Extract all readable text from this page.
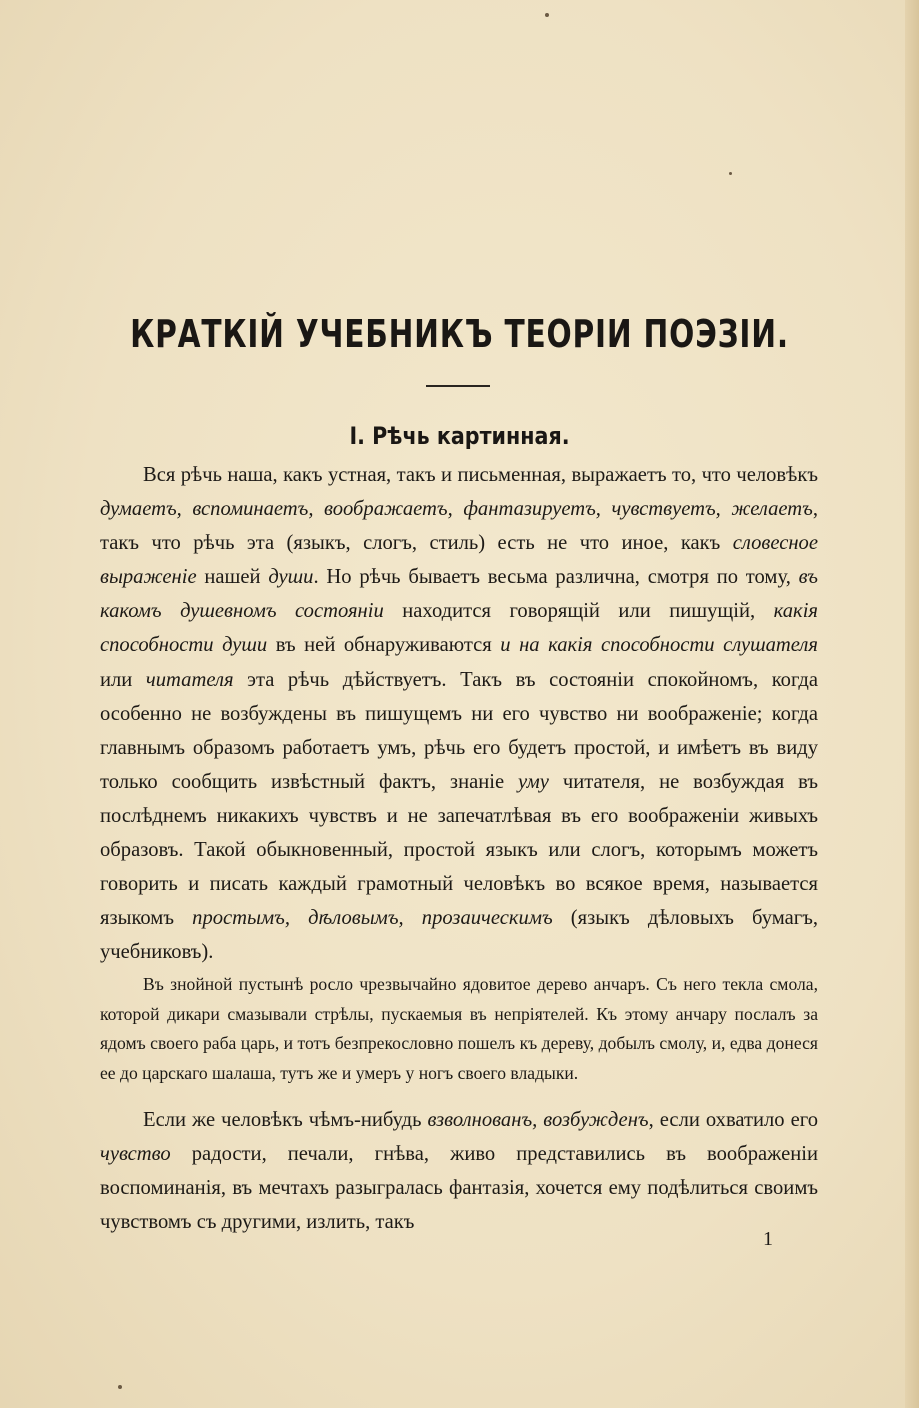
КРАТКІЙ УЧЕБНИКЪ ТЕОРІИ ПОЭЗІИ.
I. Рѣчь картинная.

Вся рѣчь наша, какъ устная, такъ и письменная, выражаетъ то, что человѣкъ думаетъ, вспоминаетъ, воображаетъ, фантазируетъ, чувствуетъ, желаетъ, такъ что рѣчь эта (языкъ, слогъ, стиль) есть не что иное, какъ словесное выраженіе нашей души. Но рѣчь бываетъ весьма различна, смотря по тому, въ какомъ душевномъ состояніи находится говорящій или пишущій, какія способности души въ ней обнаруживаются и на какія способности слушателя или читателя эта рѣчь дѣйствуетъ. Такъ въ состояніи спокойномъ, когда особенно не возбуждены въ пишущемъ ни его чувство ни воображеніе; когда главнымъ образомъ работаетъ умъ, рѣчь его будетъ простой, и имѣетъ въ виду только сообщить извѣстный фактъ, знаніе уму читателя, не возбуждая въ послѣднемъ никакихъ чувствъ и не запечатлѣвая въ его воображеніи живыхъ образовъ. Такой обыкновенный, простой языкъ или слогъ, которымъ можетъ говорить и писать каждый грамотный человѣкъ во всякое время, называется языкомъ простымъ, дѣловымъ, прозаическимъ (языкъ дѣловыхъ бумагъ, учебниковъ).

Въ знойной пустынѣ росло чрезвычайно ядовитое дерево анчаръ. Съ него текла смола, которой дикари смазывали стрѣлы, пускаемыя въ непріятелей. Къ этому анчару послалъ за ядомъ своего раба царь, и тотъ безпрекословно пошелъ къ дереву, добылъ смолу, и, едва донеся ее до царскаго шалаша, тутъ же и умеръ у ногъ своего владыки.

Если же человѣкъ чѣмъ-нибудь взволнованъ, возбужденъ, если охватило его чувство радости, печали, гнѣва, живо представились въ воображеніи воспоминанія, въ мечтахъ разыгралась фантазія, хочется ему подѣлиться своимъ чувствомъ съ другими, излить, такъ

1
